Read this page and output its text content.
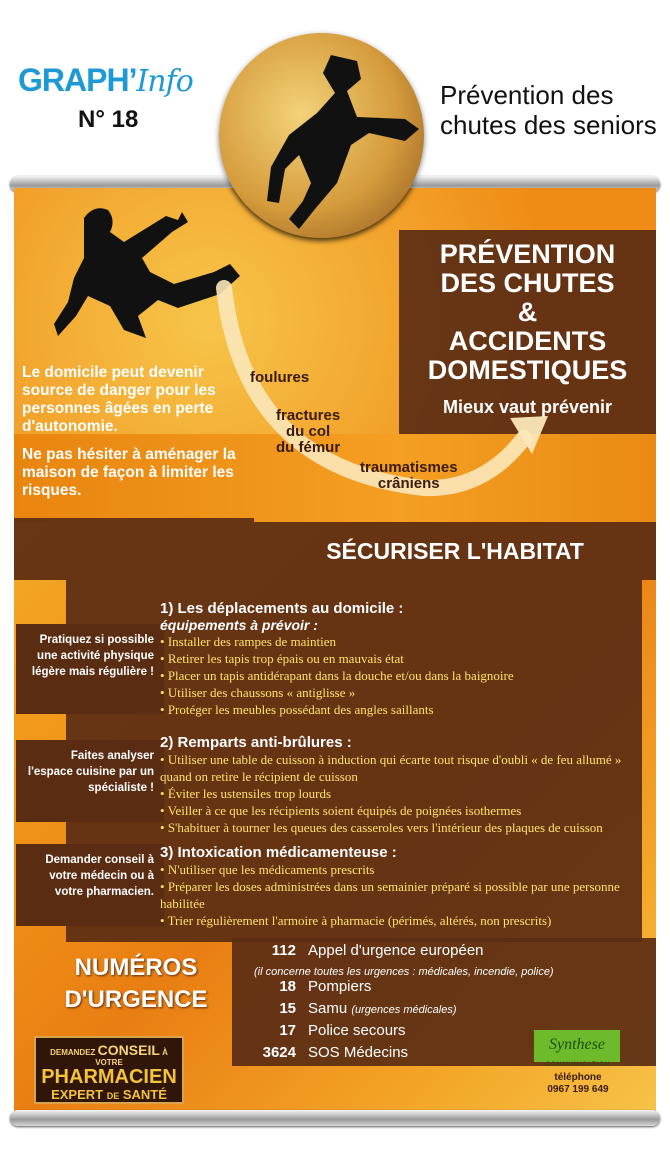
GRAPH’Info
N° 18
Prévention des chutes des seniors
Le domicile peut devenir source de danger pour les personnes âgées en perte d'autonomie.
Ne pas hésiter à aménager la maison de façon à limiter les risques.
PRÉVENTION
DES CHUTES
&
ACCIDENTS
DOMESTIQUES
Mieux vaut prévenir
foulures
fractures
du col
du fémur
traumatismes
crâniens
SÉCURISER L'HABITAT
Pratiquez si possible une activité physique légère mais régulière !
Faites analyser l'espace cuisine par un spécialiste !
Demander conseil à votre médecin ou à votre pharmacien.
1) Les déplacements au domicile :
équipements à prévoir :
• Installer des rampes de maintien
• Retirer les tapis trop épais ou en mauvais état
• Placer un tapis antidérapant dans la douche et/ou dans la baignoire
• Utiliser des chaussons « antiglisse »
• Protéger les meubles possédant des angles saillants
2) Remparts anti-brûlures :
• Utiliser une table de cuisson à induction qui écarte tout risque d'oubli « de feu allumé » quand on retire le récipient de cuisson
• Éviter les ustensiles trop lourds
• Veiller à ce que les récipients soient équipés de poignées isothermes
• S'habituer à tourner les queues des casseroles vers l'intérieur des plaques de cuisson
3) Intoxication médicamenteuse :
• N'utiliser que les médicaments prescrits
• Préparer les doses administrées dans un semainier préparé si possible par une personne habilitée
• Trier régulièrement l'armoire à pharmacie (périmés, altérés, non prescrits)
112 Appel d'urgence européen
(il concerne toutes les urgences : médicales, incendie, police)
18 Pompiers
15 Samu (urgences médicales)
17 Police secours
3624 SOS Médecins
NUMÉROS
D'URGENCE
DEMANDEZ CONSEIL À VOTRE
PHARMACIEN
EXPERT DE SANTÉ
Synthese
COMMUNICATION
téléphone
0967 199 649
